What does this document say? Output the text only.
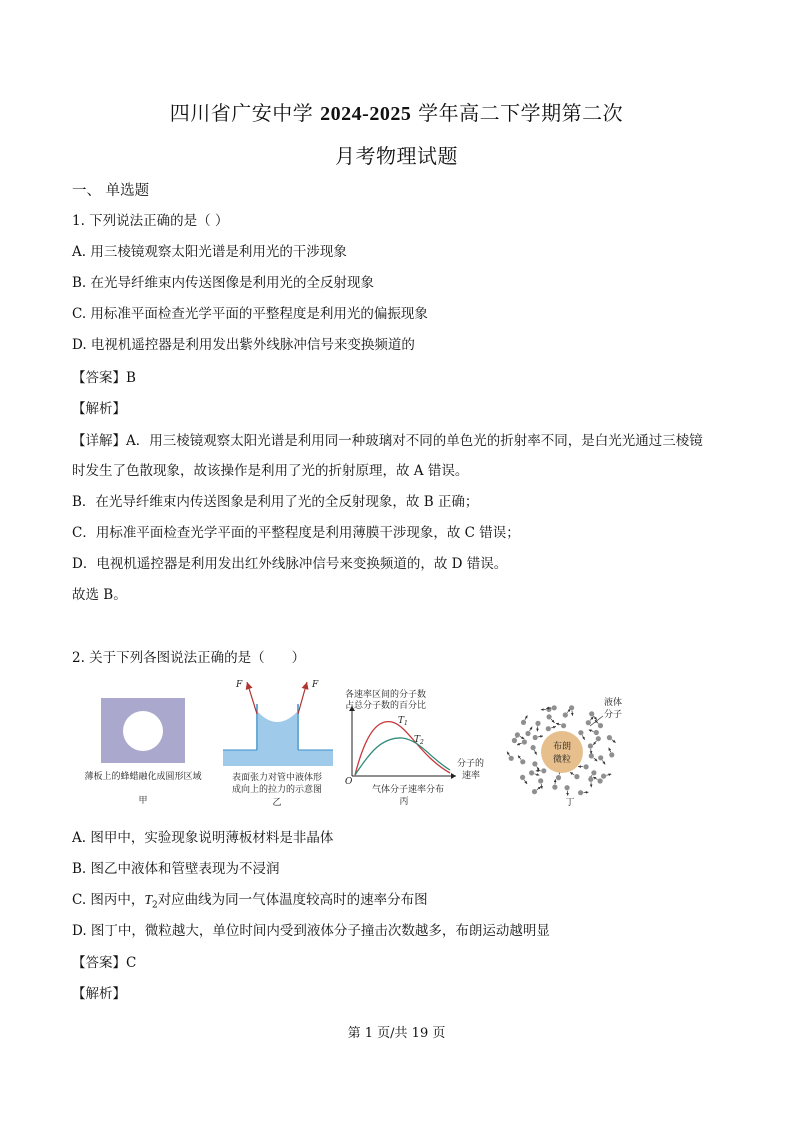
四川省广安中学 2024-2025 学年高二下学期第二次
月考物理试题
一、 单选题
1. 下列说法正确的是（ ）
A. 用三棱镜观察太阳光谱是利用光的干涉现象
B. 在光导纤维束内传送图像是利用光的全反射现象
C. 用标准平面检查光学平面的平整程度是利用光的偏振现象
D. 电视机遥控器是利用发出紫外线脉冲信号来变换频道的
【答案】B
【解析】
【详解】A．用三棱镜观察太阳光谱是利用同一种玻璃对不同的单色光的折射率不同，是白光光通过三棱镜
时发生了色散现象，故该操作是利用了光的折射原理，故 A 错误。
B．在光导纤维束内传送图象是利用了光的全反射现象，故 B 正确；
C．用标准平面检查光学平面的平整程度是利用薄膜干涉现象，故 C 错误；
D．电视机遥控器是利用发出红外线脉冲信号来变换频道的，故 D 错误。
故选 B。
2. 关于下列各图说法正确的是（　　）
薄板上的蜂蜡融化成圆形区域
甲
F	F
表面张力对管中液体形
成向上的拉力的示意图
乙
各速率区间的分子数
占总分子数的百分比
$T_1$
$T_2$
O
分子的
速率
气体分子速率分布
丙
布朗
微粒
液体
分子
丁
A. 图甲中，实验现象说明薄板材料是非晶体
B. 图乙中液体和管壁表现为不浸润
C. 图丙中，$T_2$对应曲线为同一气体温度较高时的速率分布图
D. 图丁中，微粒越大，单位时间内受到液体分子撞击次数越多，布朗运动越明显
【答案】C
【解析】
第 1 页/共 19 页
